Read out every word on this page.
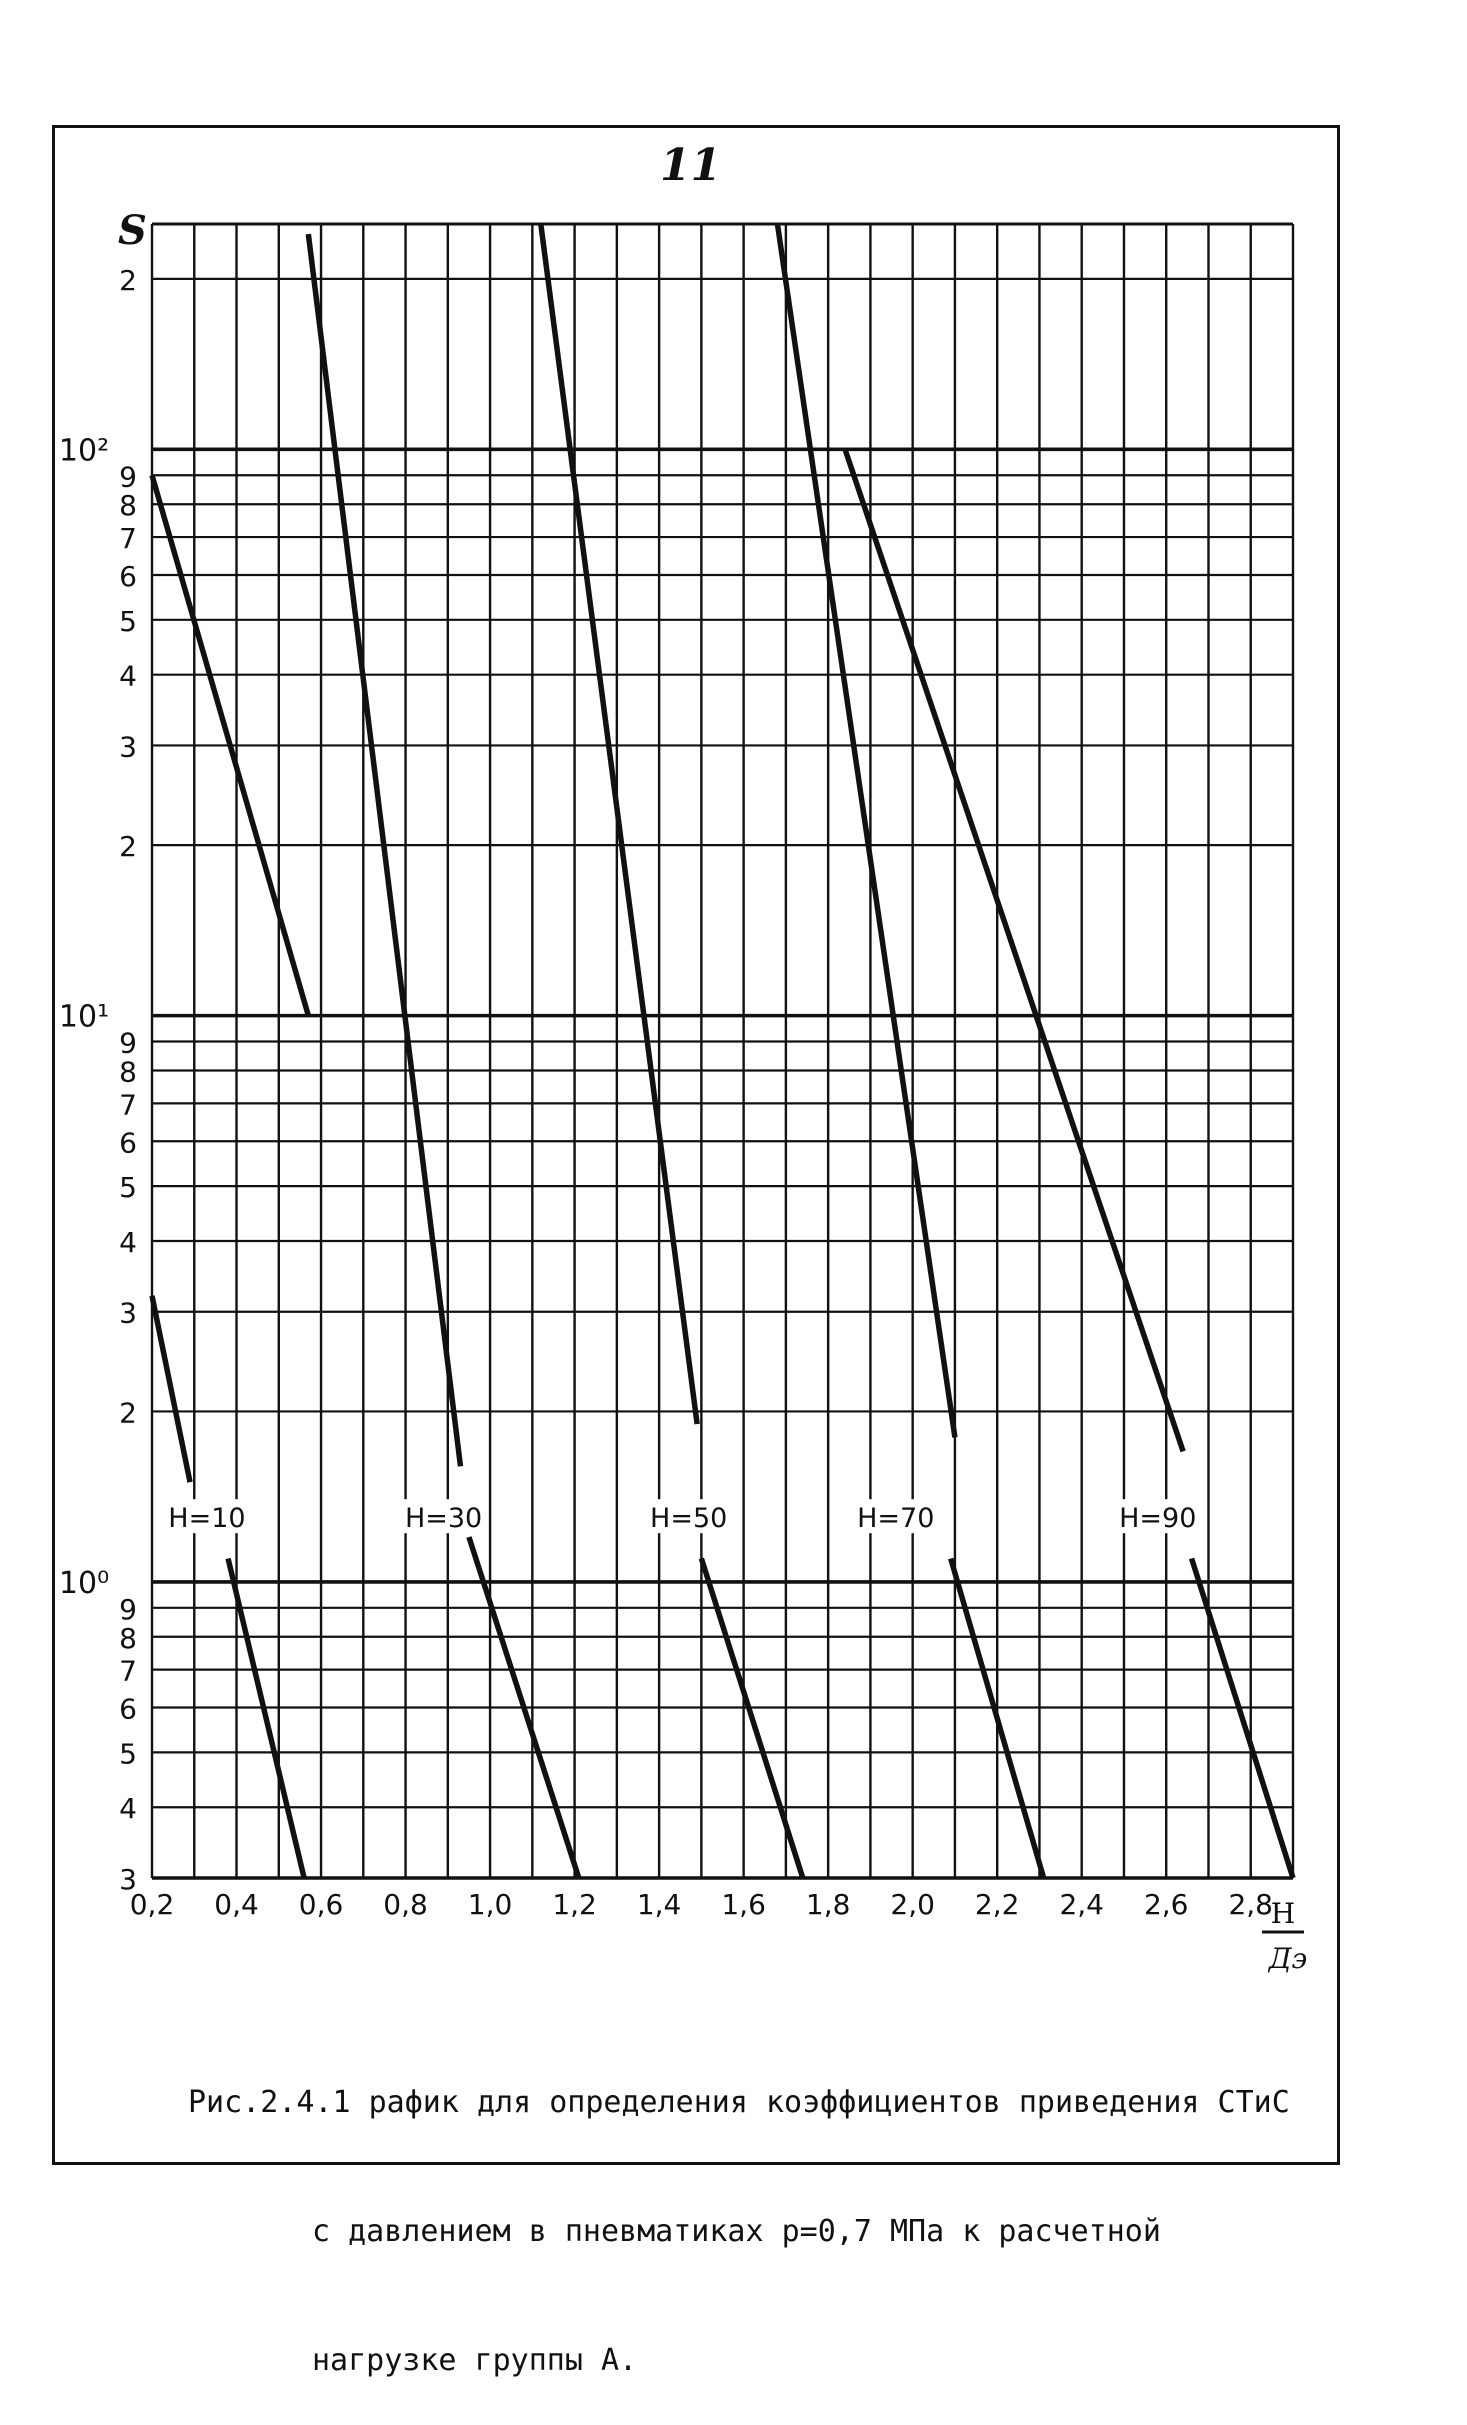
11
3
4
5
6
7
8
9
10⁰
2
3
4
5
6
7
8
9
10¹
2
3
4
5
6
7
8
9
10²
2
0,2 0,4 0,6 0,8 1,0 1,2 1,4 1,6 1,8 2,0 2,2 2,4 2,6 2,8
H=10	H=30	H=50	H=70	H=90
S
H
Дэ

Рис.2.4.1 рафик для определения коэффициентов приведения СТиС

с давлением в пневматиках р=0,7 МПа к расчетной

нагрузке группы А.
